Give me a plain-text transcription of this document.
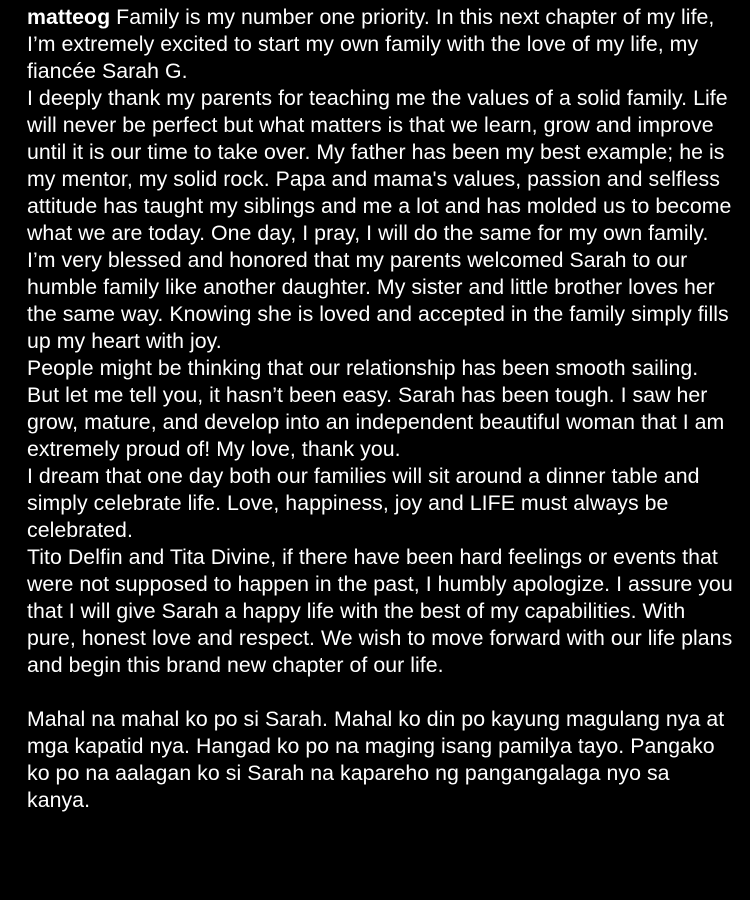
matteog Family is my number one priority. In this next chapter of my life, I’m extremely excited to start my own family with the love of my life, my fiancée Sarah G.

I deeply thank my parents for teaching me the values of a solid family. Life will never be perfect but what matters is that we learn, grow and improve until it is our time to take over. My father has been my best example; he is my mentor, my solid rock. Papa and mama's values, passion and selfless attitude has taught my siblings and me a lot and has molded us to become what we are today. One day, I pray, I will do the same for my own family. I’m very blessed and honored that my parents welcomed Sarah to our humble family like another daughter. My sister and little brother loves her the same way. Knowing she is loved and accepted in the family simply fills up my heart with joy.

People might be thinking that our relationship has been smooth sailing. But let me tell you, it hasn’t been easy. Sarah has been tough. I saw her grow, mature, and develop into an independent beautiful woman that I am extremely proud of! My love, thank you.

I dream that one day both our families will sit around a dinner table and simply celebrate life. Love, happiness, joy and LIFE must always be celebrated.

Tito Delfin and Tita Divine, if there have been hard feelings or events that were not supposed to happen in the past, I humbly apologize. I assure you that I will give Sarah a happy life with the best of my capabilities. With pure, honest love and respect. We wish to move forward with our life plans and begin this brand new chapter of our life.

Mahal na mahal ko po si Sarah. Mahal ko din po kayung magulang nya at mga kapatid nya. Hangad ko po na maging isang pamilya tayo. Pangako ko po na aalagan ko si Sarah na kapareho ng pangangalaga nyo sa kanya.
